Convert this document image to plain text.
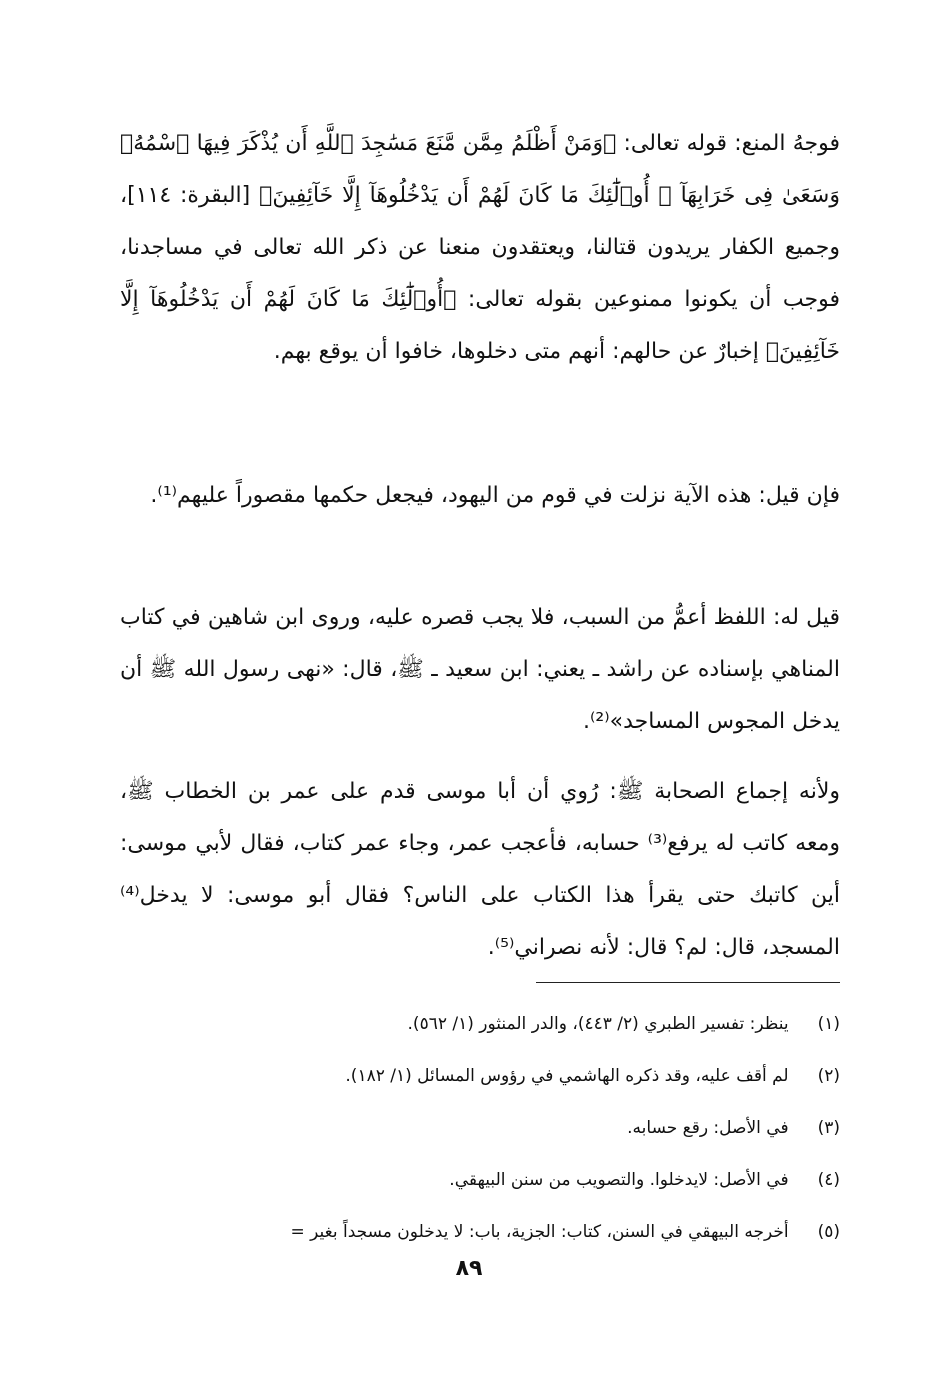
فوجهُ المنع: قوله تعالى: ﴿وَمَنْ أَظْلَمُ مِمَّن مَّنَعَ مَسَٰجِدَ ٱللَّهِ أَن يُذْكَرَ فِيهَا ٱسْمُهُۥ وَسَعَىٰ فِى خَرَابِهَآ ۚ أُو۟لَٰٓئِكَ مَا كَانَ لَهُمْ أَن يَدْخُلُوهَآ إِلَّا خَآئِفِينَ﴾ [البقرة: ١١٤]، وجميع الكفار يريدون قتالنا، ويعتقدون منعنا عن ذكر الله تعالى في مساجدنا، فوجب أن يكونوا ممنوعين بقوله تعالى: ﴿أُو۟لَٰٓئِكَ مَا كَانَ لَهُمْ أَن يَدْخُلُوهَآ إِلَّا خَآئِفِينَ﴾ إخبارٌ عن حالهم: أنهم متى دخلوها، خافوا أن يوقع بهم.

فإن قيل: هذه الآية نزلت في قوم من اليهود، فيجعل حكمها مقصوراً عليهم⁽¹⁾.

قيل له: اللفظ أعمُّ من السبب، فلا يجب قصره عليه، وروى ابن شاهين في كتاب المناهي بإسناده عن راشد ـ يعني: ابن سعيد ـ ﷺ، قال: «نهى رسول الله ﷺ أن يدخل المجوس المساجد»⁽²⁾.

ولأنه إجماع الصحابة ﷺ: رُوي أن أبا موسى قدم على عمر بن الخطاب ﷺ، ومعه كاتب له يرفع⁽³⁾ حسابه، فأعجب عمر، وجاء عمر كتاب، فقال لأبي موسى: أين كاتبك حتى يقرأ هذا الكتاب على الناس؟ فقال أبو موسى: لا يدخل⁽⁴⁾ المسجد، قال: لم؟ قال: لأنه نصراني⁽⁵⁾.

(١) ينظر: تفسير الطبري (٢/ ٤٤٣)، والدر المنثور (١/ ٥٦٢).
(٢) لم أقف عليه، وقد ذكره الهاشمي في رؤوس المسائل (١/ ١٨٢).
(٣) في الأصل: رقع حسابه.
(٤) في الأصل: لايدخلوا. والتصويب من سنن البيهقي.
(٥) أخرجه البيهقي في السنن، كتاب: الجزية، باب: لا يدخلون مسجداً بغير =
٨٩
